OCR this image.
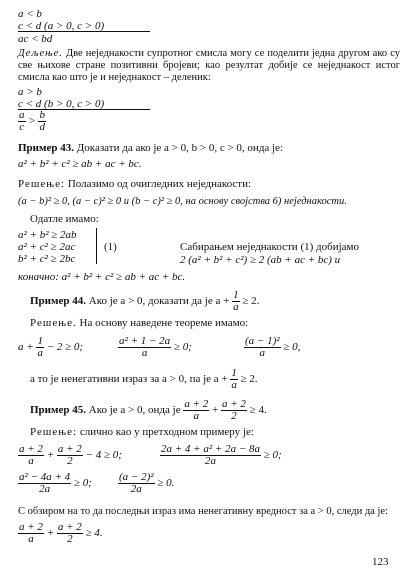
a < b
c < d (a > 0, c > 0)
ac < bd
Дељење. Две неједнакости супротног смисла могу се поделити једна другом ако су све њихове стране позитивни бројеви; као резултат добије се неједнакост истог смисла као што је и неједнакост – деленик:
a > b
c < d (b > 0, c > 0)
$\frac{a}{c} > \frac{b}{d}$
Пример 43. Доказати да ако је a > 0, b > 0, c > 0, онда је:
a² + b² + c² ≥ ab + ac + bc.
Решење: Полазимо од очигледних неједнакости:
(a − b)² ≥ 0, (a − c)² ≥ 0 и (b − c)² ≥ 0, на основу својства 6) неједнакости.
Одатле имамо:
a² + b² ≥ 2ab
a² + c² ≥ 2ac
b² + c² ≥ 2bc
(1)	Сабирањем неједнакости (1) добијамо
2 (a² + b² + c²) ≥ 2 (ab + ac + bc) и
коначно: a² + b² + c² ≥ ab + ac + bc.
Пример 44. Ако је a > 0, доказати да је $a + \frac{1}{a} \ge 2$.
Решење. На основу наведене теореме имамо:
$a + \frac{1}{a} - 2 \ge 0$;	$\frac{\text{a² + 1 − 2a}}{a} \ge 0$;	$\frac{\text{(a − 1)²}}{a} \ge 0$,
а то је ненегативни израз за a > 0, па је $a + \frac{1}{a} \ge 2$.
Пример 45. Ако је a > 0, онда је $\frac{a + 2}{a} + \frac{a + 2}{2} \ge 4$.
Решење: слично као у претходном примеру је:
$\frac{a + 2}{a} + \frac{a + 2}{2} - 4 \ge 0$;	$\frac{\text{2a + 4 + a² + 2a − 8a}}{2a} \ge 0$;
$\frac{\text{a² − 4a + 4}}{2a} \ge 0$; $\frac{\text{(a − 2)²}}{2a} \ge 0$.
С обзиром на то да последњи израз има ненегативну вредност за a > 0, следи да је:
$\frac{a + 2}{a} + \frac{a + 2}{2} \ge 4$.
123
